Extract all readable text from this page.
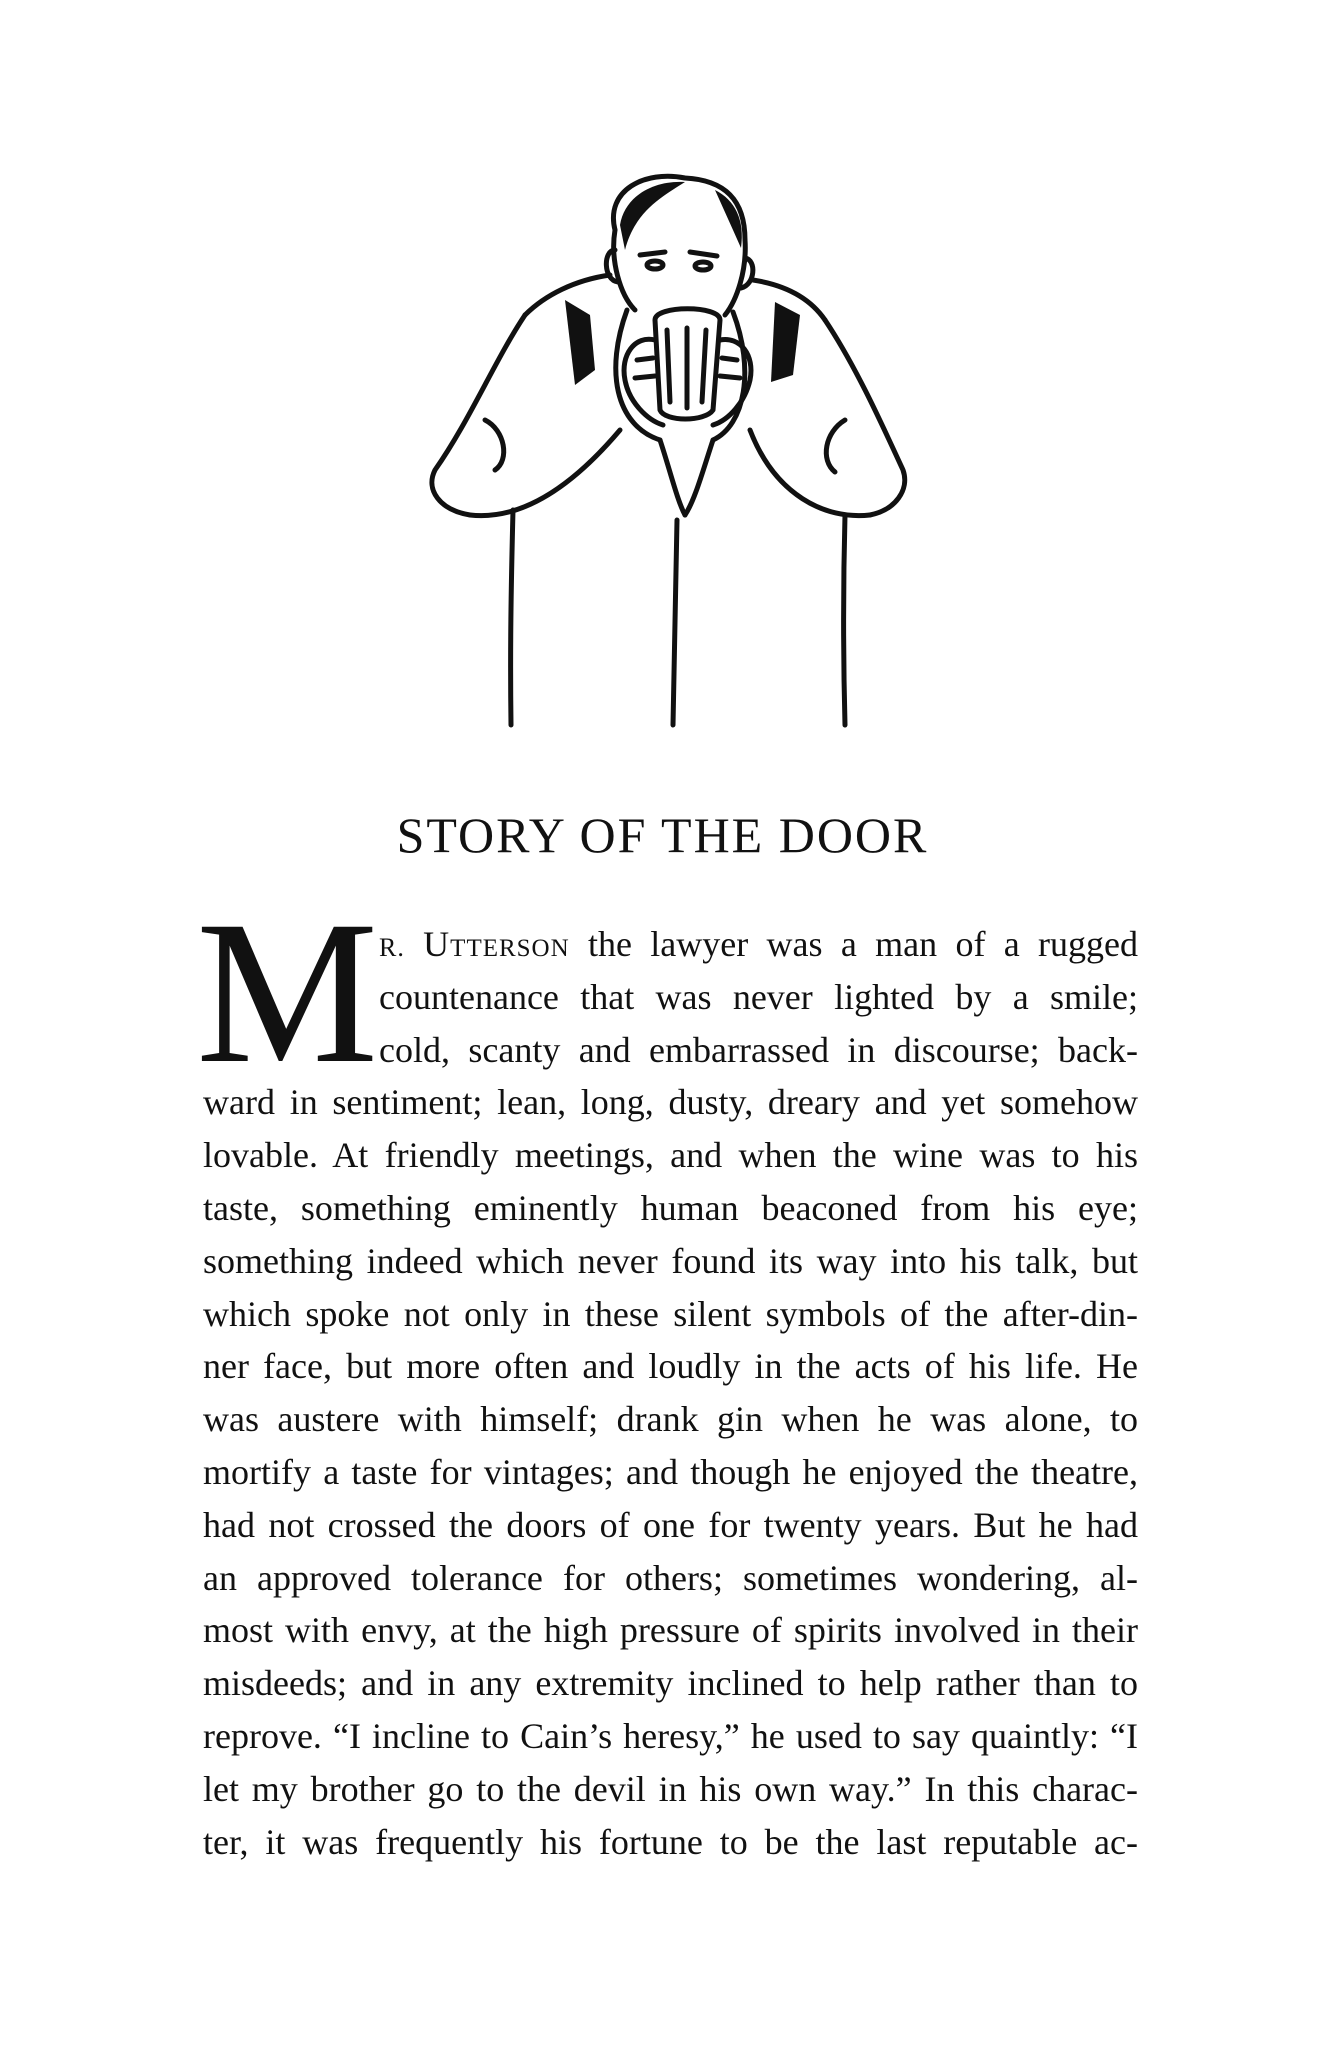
STORY OF THE DOOR
M R. Utterson the lawyer was a man of a rugged
countenance that was never lighted by a smile;
cold, scanty and embarrassed in discourse; back-
ward in sentiment; lean, long, dusty, dreary and yet somehow
lovable. At friendly meetings, and when the wine was to his
taste, something eminently human beaconed from his eye;
something indeed which never found its way into his talk, but
which spoke not only in these silent symbols of the after-din-
ner face, but more often and loudly in the acts of his life. He
was austere with himself; drank gin when he was alone, to
mortify a taste for vintages; and though he enjoyed the theatre,
had not crossed the doors of one for twenty years. But he had
an approved tolerance for others; sometimes wondering, al-
most with envy, at the high pressure of spirits involved in their
misdeeds; and in any extremity inclined to help rather than to
reprove. “I incline to Cain’s heresy,” he used to say quaintly: “I
let my brother go to the devil in his own way.” In this charac-
ter, it was frequently his fortune to be the last reputable ac-
